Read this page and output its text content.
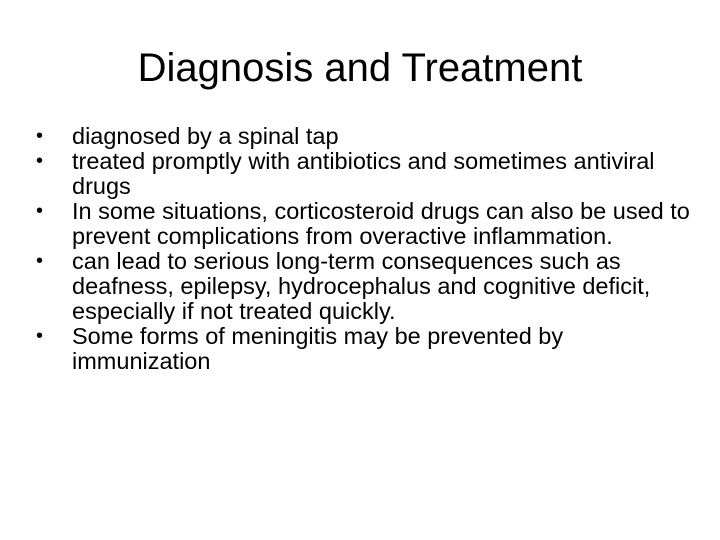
Diagnosis and Treatment
•	diagnosed by a spinal tap
•	treated promptly with antibiotics and sometimes antiviral drugs
•	In some situations, corticosteroid drugs can also be used to prevent complications from overactive inflammation.
•	can lead to serious long-term consequences such as deafness, epilepsy, hydrocephalus and cognitive deficit, especially if not treated quickly.
•	Some forms of meningitis may be prevented by immunization
